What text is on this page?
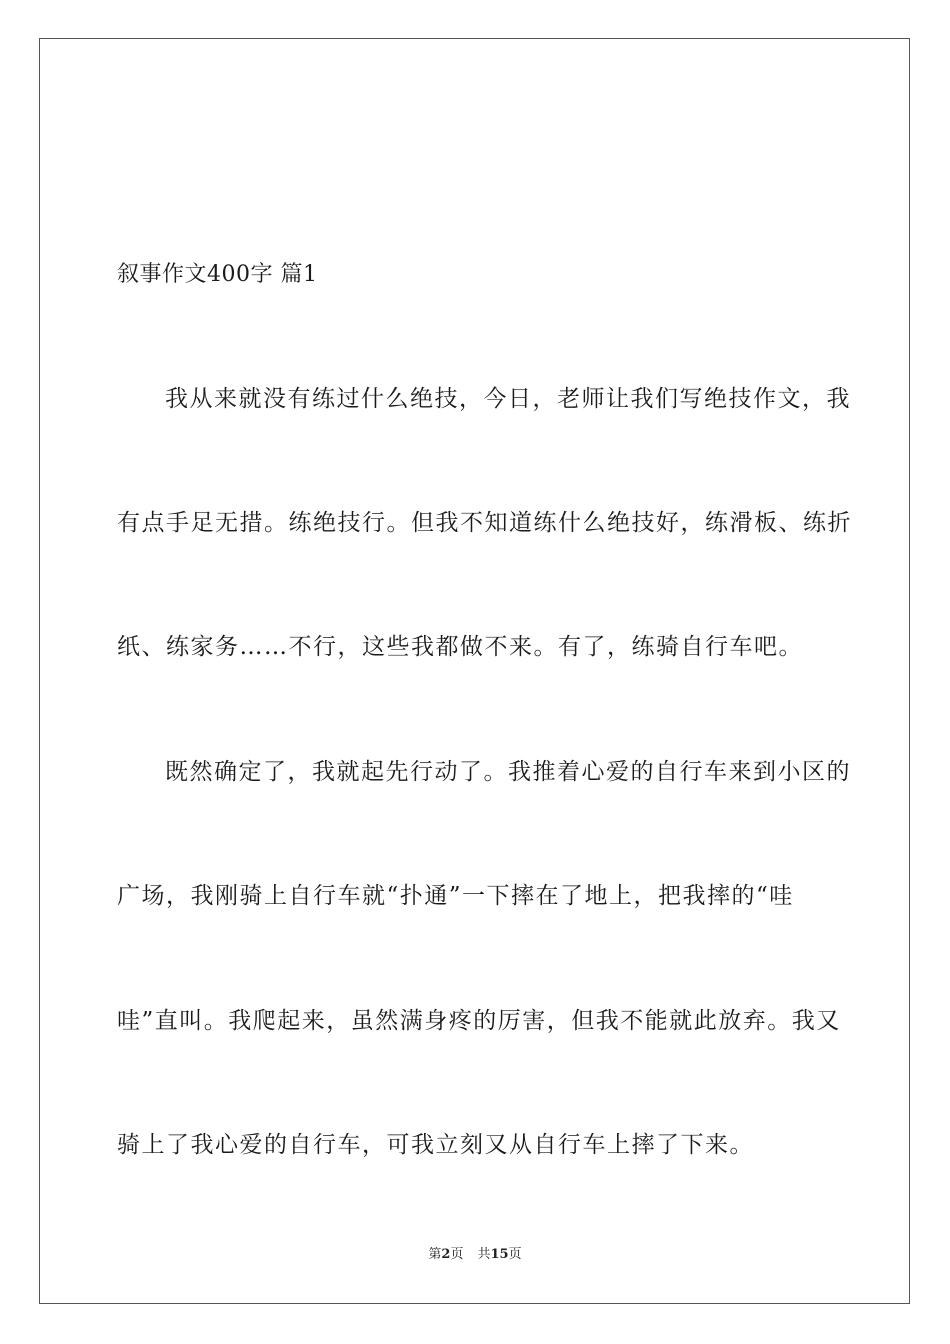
叙事作文400字 篇1
我从来就没有练过什么绝技，今日，老师让我们写绝技作文，我
有点手足无措。练绝技行。但我不知道练什么绝技好，练滑板、练折
纸、练家务……不行，这些我都做不来。有了，练骑自行车吧。
既然确定了，我就起先行动了。我推着心爱的自行车来到小区的
广场，我刚骑上自行车就“扑通”一下摔在了地上，把我摔的“哇
哇”直叫。我爬起来，虽然满身疼的厉害，但我不能就此放弃。我又
骑上了我心爱的自行车，可我立刻又从自行车上摔了下来。
第2页 共15页
